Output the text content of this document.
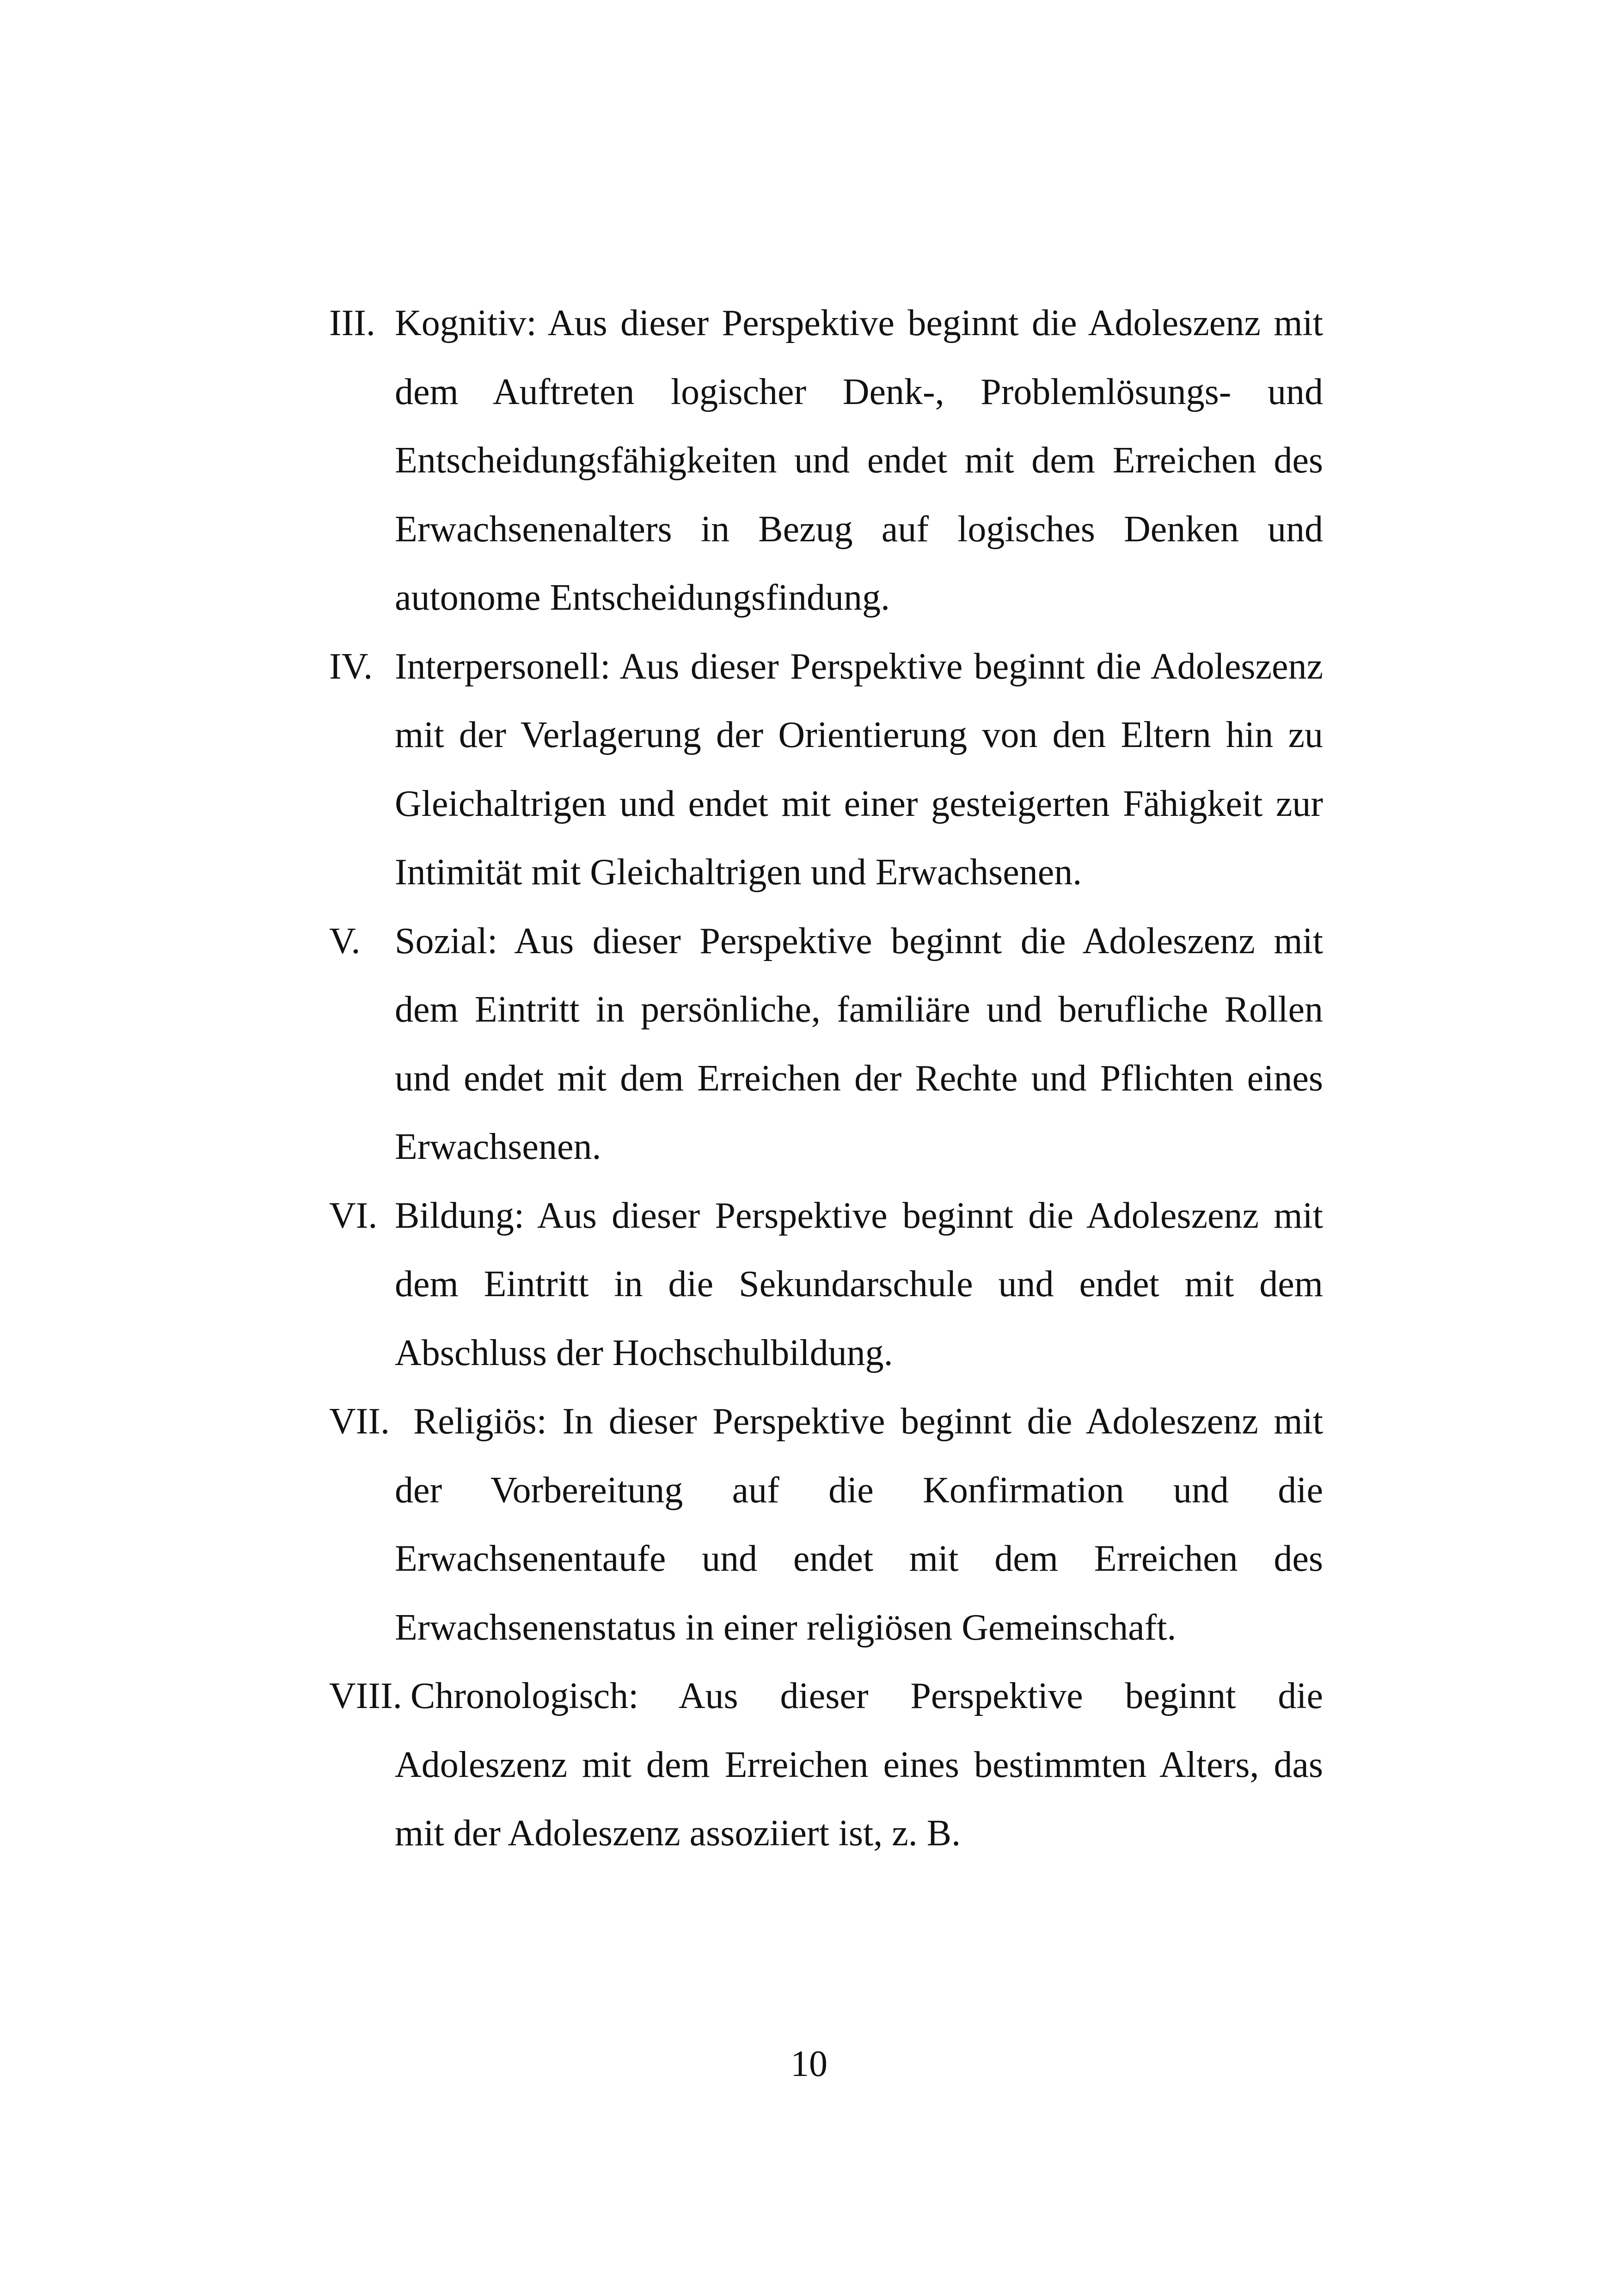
III. Kognitiv: Aus dieser Perspektive beginnt die Adoleszenz mit dem Auftreten logischer Denk-, Problemlösungs- und Entscheidungsfähigkeiten und endet mit dem Erreichen des Erwachsenenalters in Bezug auf logisches Denken und autonome Entscheidungsfindung.
IV. Interpersonell: Aus dieser Perspektive beginnt die Adoleszenz mit der Verlagerung der Orientierung von den Eltern hin zu Gleichaltrigen und endet mit einer gesteigerten Fähigkeit zur Intimität mit Gleichaltrigen und Erwachsenen.
V. Sozial: Aus dieser Perspektive beginnt die Adoleszenz mit dem Eintritt in persönliche, familiäre und berufliche Rollen und endet mit dem Erreichen der Rechte und Pflichten eines Erwachsenen.
VI. Bildung: Aus dieser Perspektive beginnt die Adoleszenz mit dem Eintritt in die Sekundarschule und endet mit dem Abschluss der Hochschulbildung.
VII. Religiös: In dieser Perspektive beginnt die Adoleszenz mit der Vorbereitung auf die Konfirmation und die Erwachsenentaufe und endet mit dem Erreichen des Erwachsenenstatus in einer religiösen Gemeinschaft.
VIII. Chronologisch: Aus dieser Perspektive beginnt die Adoleszenz mit dem Erreichen eines bestimmten Alters, das mit der Adoleszenz assoziiert ist, z. B.
10
